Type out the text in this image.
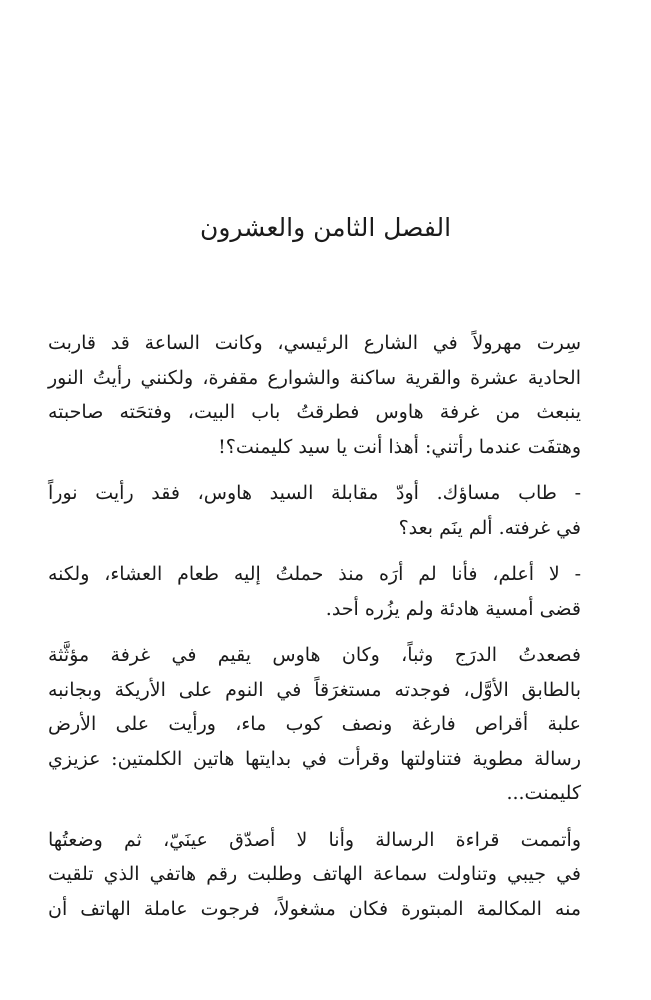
الفصل الثامن والعشرون

سِرت مهرولاً في الشارع الرئيسي، وكانت الساعة قد قاربت
الحادية عشرة والقرية ساكنة والشوارع مقفرة، ولكنني رأيتُ النور
ينبعث من غرفة هاوس فطرقتُ باب البيت، وفتحَته صاحبته
وهتفَت عندما رأتني: أهذا أنت يا سيد كليمنت؟!

- طاب مساؤك. أودّ مقابلة السيد هاوس، فقد رأيت نوراً
في غرفته. ألم ينَم بعد؟

- لا أعلم، فأنا لم أرَه منذ حملتُ إليه طعام العشاء، ولكنه
قضى أمسية هادئة ولم يزُره أحد.

فصعدتُ الدرَج وثباً، وكان هاوس يقيم في غرفة مؤثَّثة
بالطابق الأوَّل، فوجدته مستغرَقاً في النوم على الأريكة وبجانبه
علبة أقراص فارغة ونصف كوب ماء، ورأيت على الأرض
رسالة مطوية فتناولتها وقرأت في بدايتها هاتين الكلمتين: عزيزي
كليمنت...

وأتممت قراءة الرسالة وأنا لا أصدّق عينَيّ، ثم وضعتُها
في جيبي وتناولت سماعة الهاتف وطلبت رقم هاتفي الذي تلقيت
منه المكالمة المبتورة فكان مشغولاً، فرجوت عاملة الهاتف أن
